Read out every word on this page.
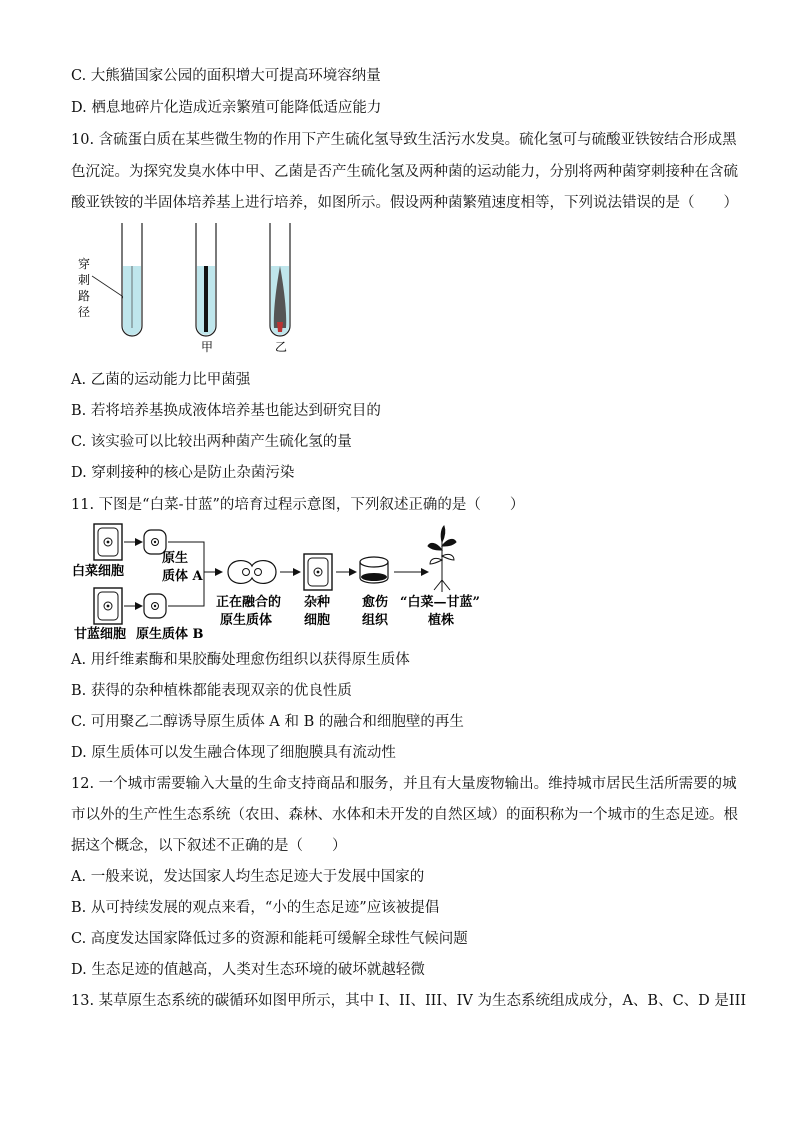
C. 大熊猫国家公园的面积增大可提高环境容纳量
D. 栖息地碎片化造成近亲繁殖可能降低适应能力
10. 含硫蛋白质在某些微生物的作用下产生硫化氢导致生活污水发臭。硫化氢可与硫酸亚铁铵结合形成黑
色沉淀。为探究发臭水体中甲、乙菌是否产生硫化氢及两种菌的运动能力，分别将两种菌穿刺接种在含硫
酸亚铁铵的半固体培养基上进行培养，如图所示。假设两种菌繁殖速度相等，下列说法错误的是（　　）
穿
刺
路
径
甲	乙
A. 乙菌的运动能力比甲菌强
B. 若将培养基换成液体培养基也能达到研究目的
C. 该实验可以比较出两种菌产生硫化氢的量
D. 穿刺接种的核心是防止杂菌污染
11. 下图是“白菜-甘蓝”的培育过程示意图，下列叙述正确的是（　　）
白菜细胞
原生
质体 A
甘蓝细胞 原生质体 B
正在融合的
原生质体
杂种
细胞
愈伤
组织
“白菜—甘蓝”
植株
A. 用纤维素酶和果胶酶处理愈伤组织以获得原生质体
B. 获得的杂种植株都能表现双亲的优良性质
C. 可用聚乙二醇诱导原生质体 A 和 B 的融合和细胞壁的再生
D. 原生质体可以发生融合体现了细胞膜具有流动性
12. 一个城市需要输入大量的生命支持商品和服务，并且有大量废物输出。维持城市居民生活所需要的城
市以外的生产性生态系统（农田、森林、水体和未开发的自然区域）的面积称为一个城市的生态足迹。根
据这个概念，以下叙述不正确的是（　　）
A. 一般来说，发达国家人均生态足迹大于发展中国家的
B. 从可持续发展的观点来看，“小的生态足迹”应该被提倡
C. 高度发达国家降低过多的资源和能耗可缓解全球性气候问题
D. 生态足迹的值越高，人类对生态环境的破坏就越轻微
13. 某草原生态系统的碳循环如图甲所示，其中 I、II、III、IV 为生态系统组成成分，A、B、C、D 是III
